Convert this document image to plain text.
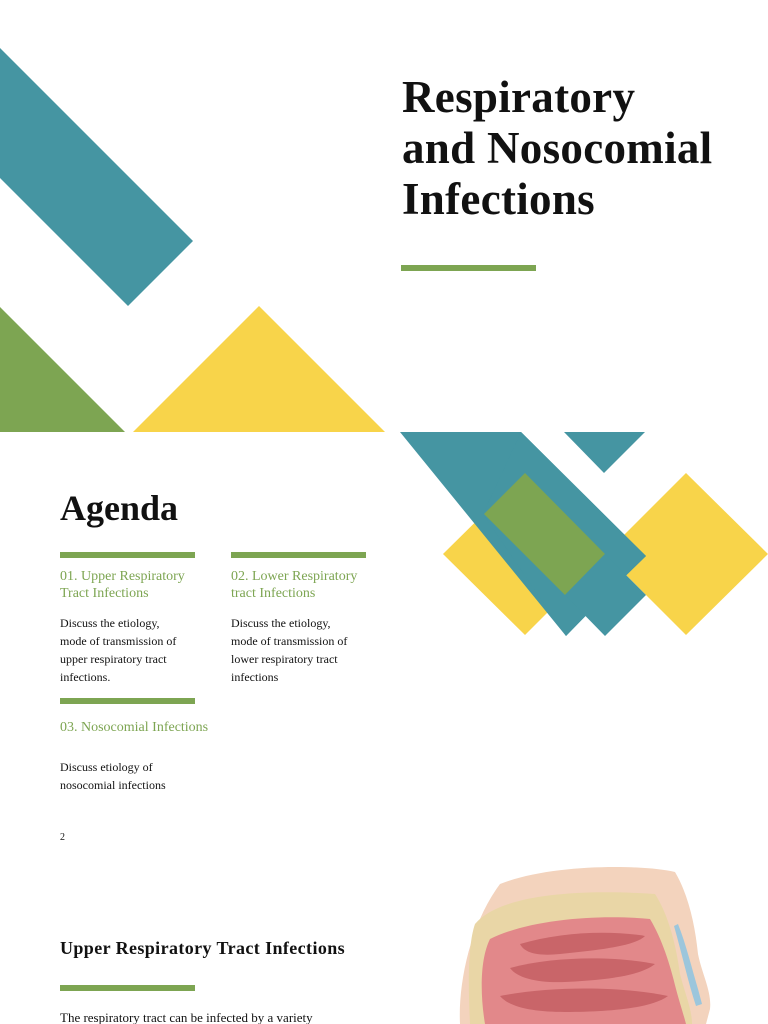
Respiratory
and Nosocomial
Infections
Agenda
01. Upper Respiratory
Tract Infections
Discuss the etiology,
mode of transmission of
upper respiratory tract
infections.
02. Lower Respiratory
tract Infections
Discuss the etiology,
mode of transmission of
lower respiratory tract
infections
03. Nosocomial Infections
Discuss etiology of
nosocomial infections
2
Upper Respiratory Tract Infections

The respiratory tract can be infected by a variety
